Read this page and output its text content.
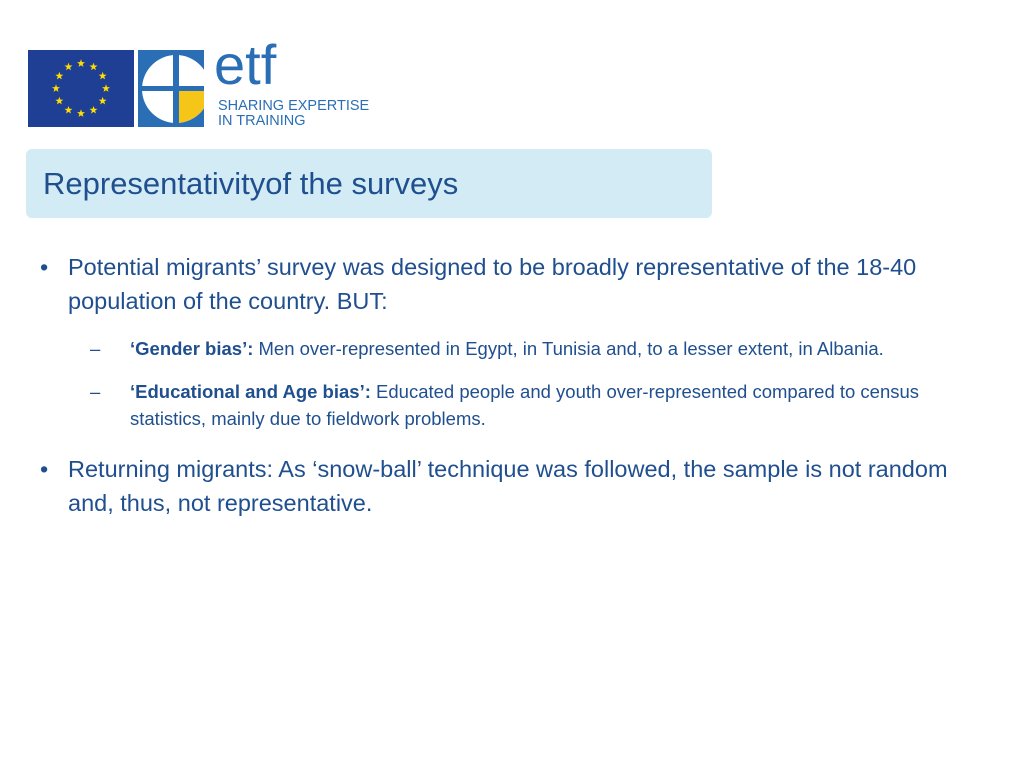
etf
SHARING EXPERTISE
IN TRAINING
Representativityof the surveys

• Potential migrants’ survey was designed to be broadly representative of the 18-40 population of the country. BUT:

– ‘Gender bias’: Men over-represented in Egypt, in Tunisia and, to a lesser extent, in Albania.

– ‘Educational and Age bias’: Educated people and youth over-represented compared to census statistics, mainly due to fieldwork problems.

• Returning migrants: As ‘snow-ball’ technique was followed, the sample is not random and, thus, not representative.
